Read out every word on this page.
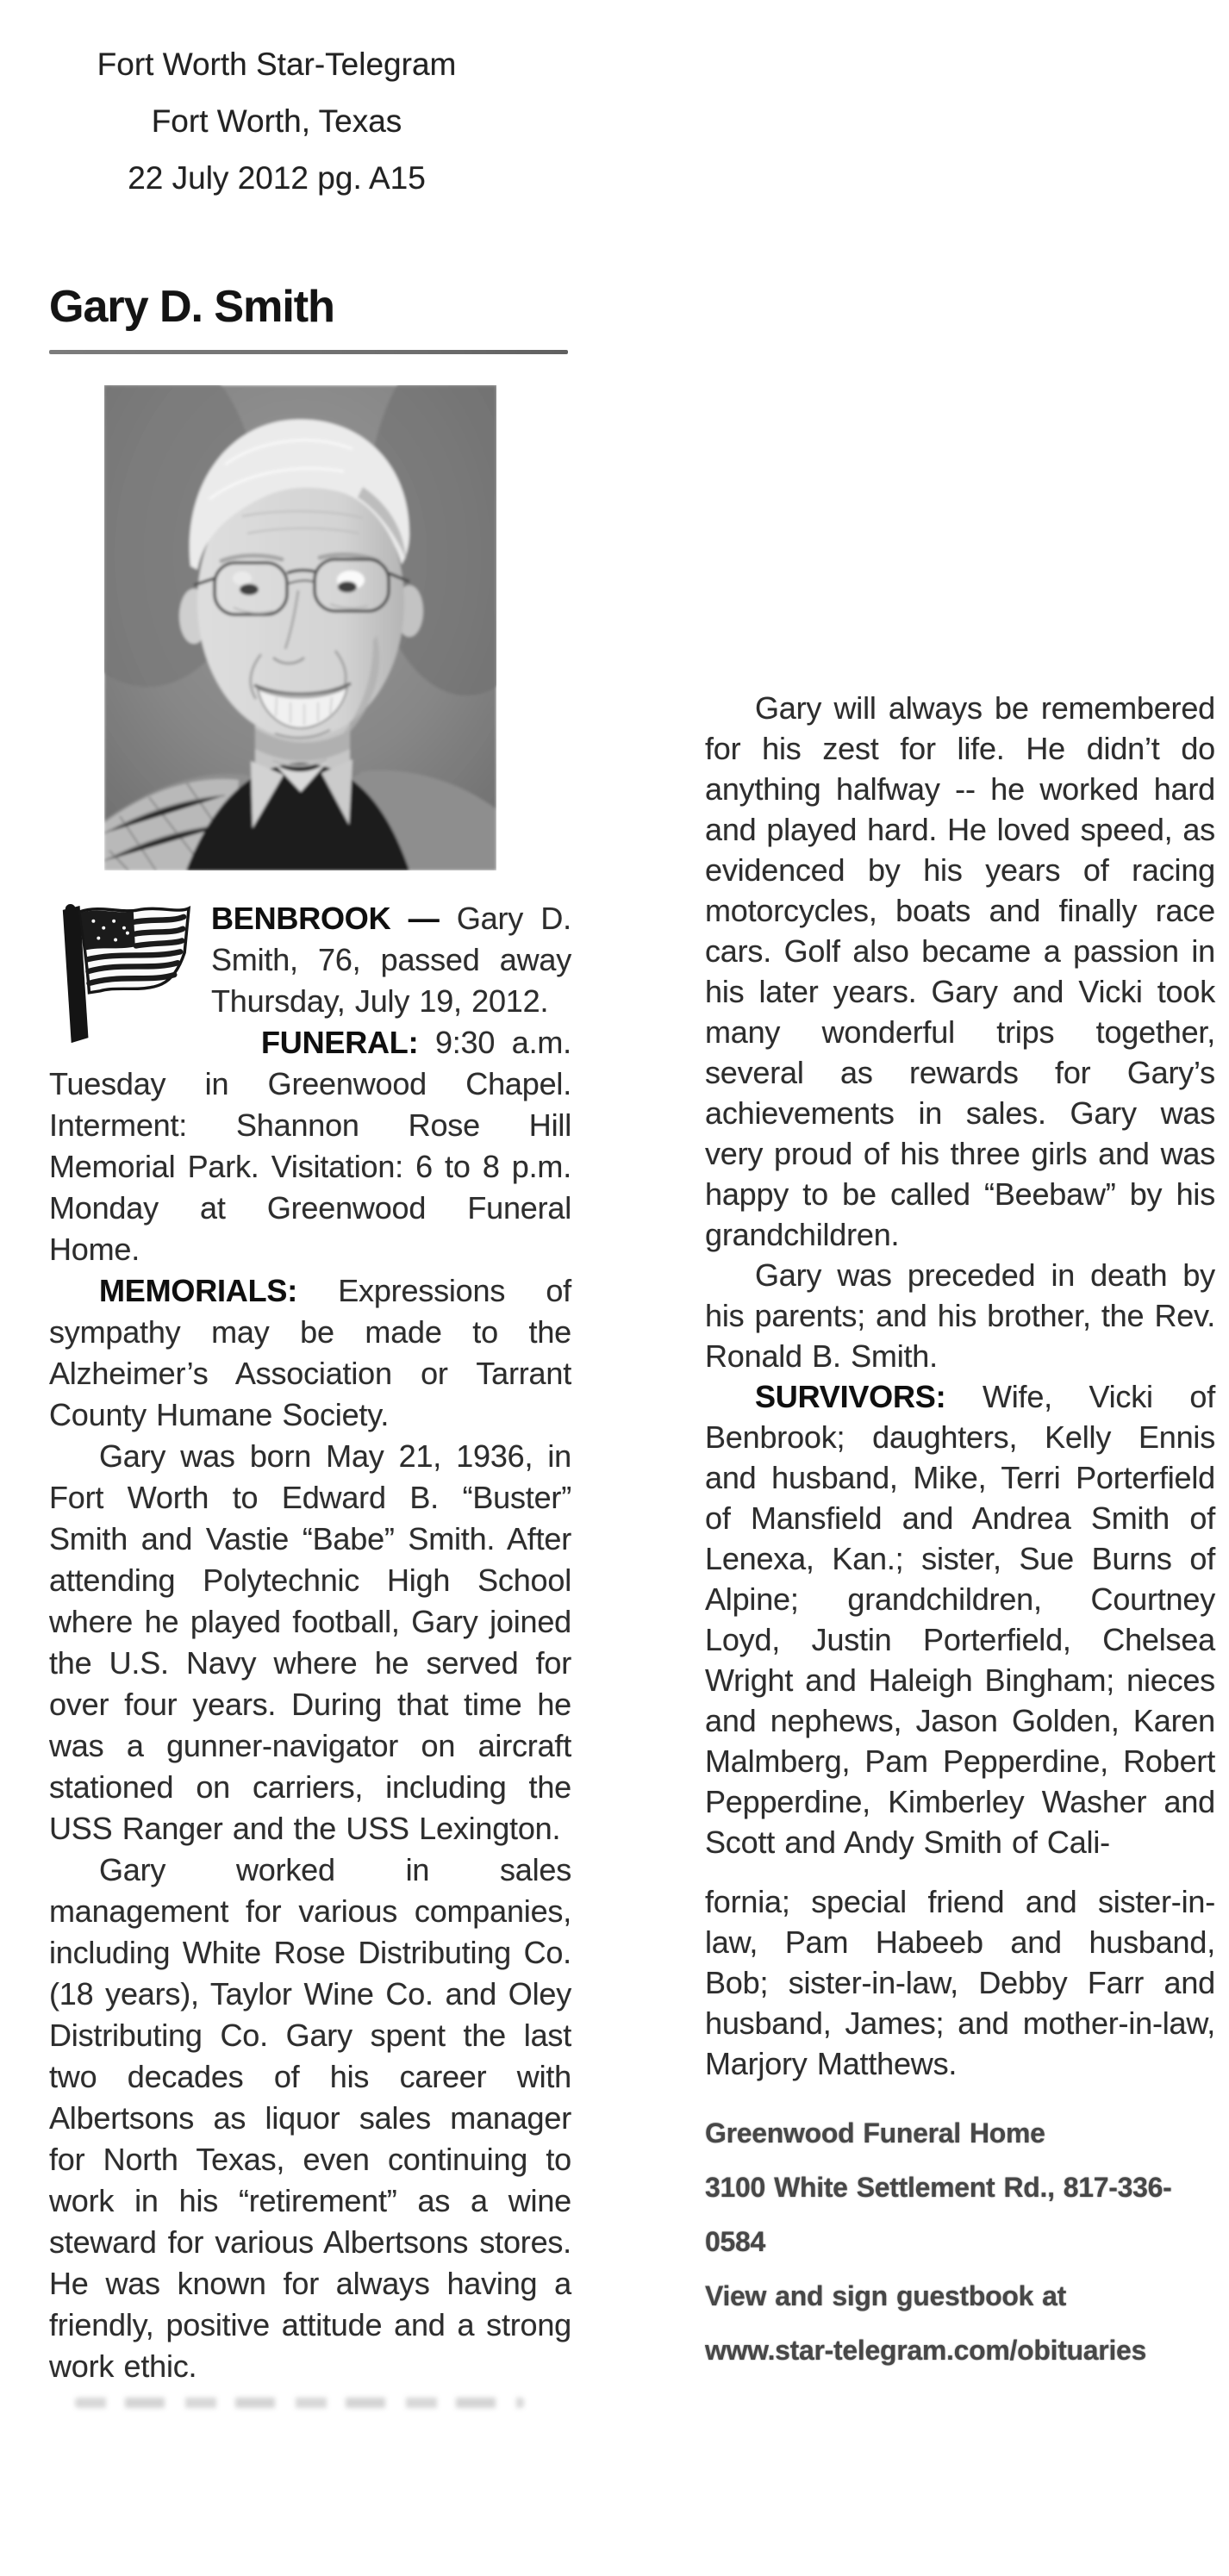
Fort Worth Star-Telegram
Fort Worth, Texas
22 July 2012 pg. A15
Gary D. Smith

BENBROOK — Gary D. Smith, 76, passed away Thursday, July 19, 2012.

FUNERAL: 9:30 a.m. Tuesday in Greenwood Chapel. Interment: Shannon Rose Hill Memorial Park. Visitation: 6 to 8 p.m. Monday at Greenwood Funeral Home.

MEMORIALS: Expressions of sympathy may be made to the Alzheimer’s Association or Tarrant County Humane Society.

Gary was born May 21, 1936, in Fort Worth to Edward B. “Buster” Smith and Vastie “Babe” Smith. After attending Polytechnic High School where he played football, Gary joined the U.S. Navy where he served for over four years. During that time he was a gunner-navigator on aircraft stationed on carriers, including the USS Ranger and the USS Lexington.

Gary worked in sales management for various companies, including White Rose Distributing Co. (18 years), Taylor Wine Co. and Oley Distributing Co. Gary spent the last two decades of his career with Albertsons as liquor sales manager for North Texas, even continuing to work in his “retirement” as a wine steward for various Albertsons stores. He was known for always having a friendly, positive attitude and a strong work ethic.

Gary will always be remembered for his zest for life. He didn’t do anything halfway -- he worked hard and played hard. He loved speed, as evidenced by his years of racing motorcycles, boats and finally race cars. Golf also became a passion in his later years. Gary and Vicki took many wonderful trips together, several as rewards for Gary’s achievements in sales. Gary was very proud of his three girls and was happy to be called “Beebaw” by his grandchildren.

Gary was preceded in death by his parents; and his brother, the Rev. Ronald B. Smith.

SURVIVORS: Wife, Vicki of Benbrook; daughters, Kelly Ennis and husband, Mike, Terri Porterfield of Mansfield and Andrea Smith of Lenexa, Kan.; sister, Sue Burns of Alpine; grandchildren, Courtney Loyd, Justin Porterfield, Chelsea Wright and Haleigh Bingham; nieces and nephews, Jason Golden, Karen Malmberg, Pam Pepperdine, Robert Pepperdine, Kimberley Washer and Scott and Andy Smith of Cali-

fornia; special friend and sister-in-law, Pam Habeeb and husband, Bob; sister-in-law, Debby Farr and husband, James; and mother-in-law, Marjory Matthews.

Greenwood Funeral Home
3100 White Settlement Rd., 817-336-0584
View and sign guestbook at
www.star-telegram.com/obituaries
